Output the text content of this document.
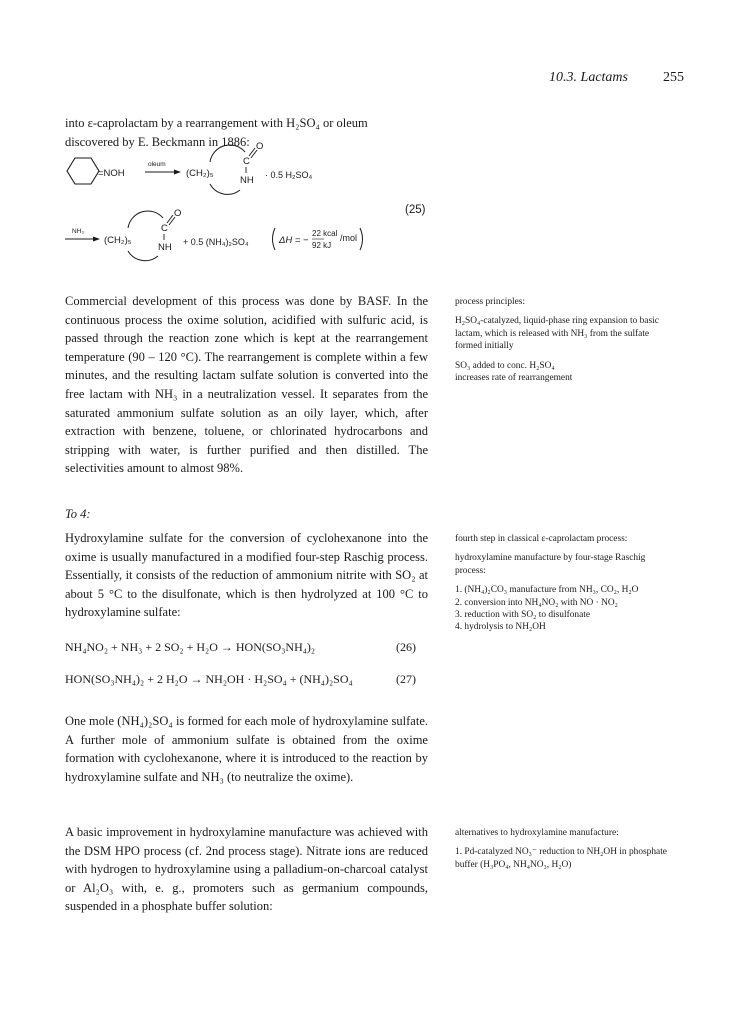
10.3. Lactams	255

into ε-caprolactam by a rearrangement with H₂SO₄ or oleum
discovered by E. Beckmann in 1886:

=NOH
oleum
(CH₂)₅
C
O
NH · 0.5 H₂SO₄
(25)
NH₃
(CH₂)₅
C
O
NH + 0.5 (NH₄)₂SO₄	ΔH = −
22 kcal
92 kJ
/mol

Commercial development of this process was done by BASF. In the continuous process the oxime solution, acidified with sulfuric acid, is passed through the reaction zone which is kept at the rearrangement temperature (90 – 120 °C). The rearrangement is complete within a few minutes, and the resulting lactam sulfate solution is converted into the free lactam with NH₃ in a neutralization vessel. It separates from the saturated ammonium sulfate solution as an oily layer, which, after extraction with benzene, toluene, or chlorinated hydrocarbons and stripping with water, is further purified and then distilled. The selectivities amount to almost 98%.

process principles:

H₂SO₄-catalyzed, liquid-phase ring expansion to basic lactam, which is released with NH₃ from the sulfate formed initially

SO₃ added to conc. H₂SO₄

increases rate of rearrangement

To 4:

Hydroxylamine sulfate for the conversion of cyclohexanone into the oxime is usually manufactured in a modified four-step Raschig process. Essentially, it consists of the reduction of ammonium nitrite with SO₂ at about 5 °C to the disulfonate, which is then hydrolyzed at 100 °C to hydroxylamine sulfate:

fourth step in classical ε-caprolactam process:

hydroxylamine manufacture by four-stage Raschig process:

1. (NH₄)₂CO₃ manufacture from NH₃, CO₂, H₂O
2. conversion into NH₄NO₂ with NO · NO₂
3. reduction with SO₂ to disulfonate
4. hydrolysis to NH₂OH
NH₄NO₂ + NH₃ + 2 SO₂ + H₂O → HON(SO₃NH₄)₂	(26)
HON(SO₃NH₄)₂ + 2 H₂O → NH₂OH · H₂SO₄ + (NH₄)₂SO₄	(27)

One mole (NH₄)₂SO₄ is formed for each mole of hydroxylamine sulfate. A further mole of ammonium sulfate is obtained from the oxime formation with cyclohexanone, where it is introduced to the reaction by hydroxylamine sulfate and NH₃ (to neutralize the oxime).

A basic improvement in hydroxylamine manufacture was achieved with the DSM HPO process (cf. 2nd process stage). Nitrate ions are reduced with hydrogen to hydroxylamine using a palladium-on-charcoal catalyst or Al₂O₃ with, e. g., promoters such as germanium compounds, suspended in a phosphate buffer solution:

alternatives to hydroxylamine manufacture:

1. Pd-catalyzed NO₃⁻ reduction to NH₂OH in phosphate buffer (H₃PO₄, NH₄NO₃, H₂O)
